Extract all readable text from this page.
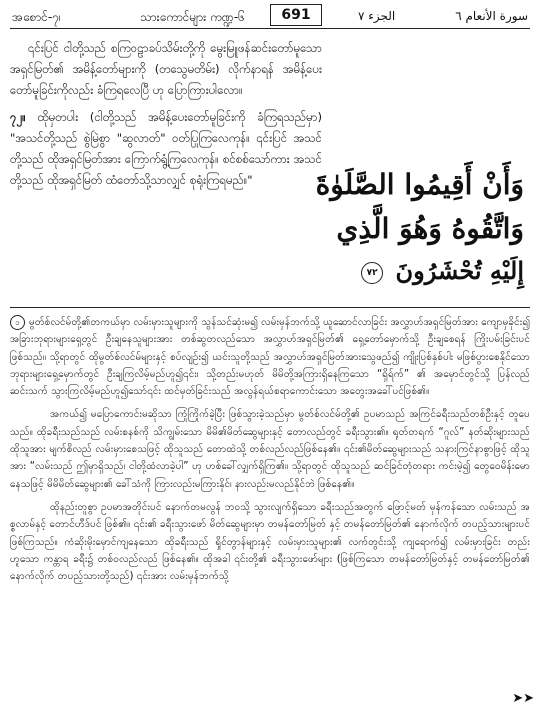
အစောင်-၇၊	သားကောင်များ ကဏ္ဍ-၆	691	الجزء ٧	سورة الأنعام ٦

၎င်းပြင် ငါတို့သည် စကြဝဠာခပ်သိမ်းတို့ကို မွေးမြူဖန်ဆင်းတော်မူသော အရှင်မြတ်၏ အမိန့်တော်များကို (တသွေမတိမ်း) လိုက်နာရန် အမိန့်ပေးတော်မူခြင်းကိုလည်း ခံကြရလေပြီ ဟု ပြောကြားပါလော။

၇၂။ ထိုမှတပါး (ငါတို့သည် အမိန့်ပေးတော်မူခြင်းကို ခံကြရသည်မှာ) "အသင်တို့သည် စွဲမြဲစွာ "ဆွလာတ်" ဝတ်ပြုကြလေကုန်။ ၎င်းပြင် အသင်တို့သည် ထိုအရှင်မြတ်အား ကြောက်ရွံ့ကြလေကုန်။ စင်စစ်သော်ကား အသင်တို့သည် ထိုအရှင်မြတ် ထံတော်သို့သာလျှင် စုရုံးကြရမည်။"	وَأَنْ أَقِيمُوا الصَّلَوٰةَ
وَاتَّقُوهُ وَهُوَ الَّذِي
إِلَيْهِ تُحْشَرُونَ ٧٢

၁ မွတ်စ်လင်မ်တို့၏တကယ်မှာ လမ်းမှားသူများကို သွန်သင်ဆုံးမ၍ လမ်းမှန်ဘက်သို့ ယူဆောင်လာခြင်း အလွှာဟ်အရှင်မြတ်အား ကျောမှခိုင်း၍ အခြားဘုရားများရှေ့တွင် ဦးချနေသူများအား တစ်ဆွတလည်သော အလွှာဟ်အရှင်မြတ်၏ ရှေ့တော်မှောက်သို့ ဦးချစေရန် ကြိုးပမ်းခြင်းပင်ဖြစ်သည်။ သို့ရာတွင် ထိုမွတ်စ်လင်မ်များနှင့် စပ်လျဉ်း၍ ယင်းသူတို့သည် အလွှာဟ်အရှင်မြတ်အားသွေဖည်၍ ကျိုးပြစ်နှစ်ပါး မဖြစ်ပွားစေနိုင်သော ဘုရားများရှေ့မှောက်တွင် ဦးချကြလိမ့်မည်ဟူ၍၎င်း၊ သို့တည်းမဟုတ် မိမိတို့အကြားရှိနေကြသော “ရှိရ်က်” ၏ အမှောင်တွင်သို့ ပြန်လည်ဆင်းသက် သွားကြလိမ့်မည်ဟူ၍သော်၎င်း ထင်မှတ်ခြင်းသည် အလွန်ရယ်စရာကောင်းသော အတွေးအခေါ်ပင်ဖြစ်၏။

အကယ်၍ မပြောကောင်းမဆိုသာ ကြုံကြိုက်ခဲ့ပြီး ဖြစ်သွားခဲ့သည်မှာ မွတ်စ်လင်မ်တို့၏ ဥပမာသည် အကြင်ခရီးသည်တစ်ဦးနှင့် တူပေသည်။ ထိုခရီးသည်သည် လမ်းစနစ်ကို သိကျွမ်းသော မိမိ၏မိတ်ဆွေများနှင့် တောလည်တွင် ခရီးသွား၏။ ရုတ်တရက် “ဂူလ်” နတ်ဆိုးများသည် ထိုသူအား မျက်စိလည် လမ်းမှားစေသဖြင့် ထိုသူသည် တောထဲသို့ တစ်လည်လည်ဖြစ်နေ၏။ ၎င်း၏မိတ်ဆွေများသည် သနားကြင်နာစွာဖြင့် ထိုသူအား “လမ်းသည် ဤမှာရှိသည်၊ ငါတို့ထံလာခဲ့ပါ” ဟု ဟစ်ခေါ်လျှက်ရှိကြ၏။ သို့ရာတွင် ထိုသူသည် ဆင်ခြင်တုံတရား ကင်းမဲ့၍ တွေဝေမိန်းမောနေသဖြင့် မိမိမိတ်ဆွေများ၏ ခေါ်သံကို ကြားလည်းမကြားနိုင်၊ နားလည်းမလည်နိုင်ဘဲ ဖြစ်နေ၏။

ထိုနည်းတူစွာ ဥပမာအတိုင်းပင် နောက်တမလွန် ဘဝသို့ သွားလျက်ရှိသော ခရီးသည်အတွက် ဖြောင့်မတ် မှန်ကန်သော လမ်းသည် အစ္စလာမ်နှင့် တောင်ဟီဒ်ပင် ဖြစ်၏။ ၎င်း၏ ခရီးသွားဖော် မိတ်ဆွေများမှာ တမန်တော်မြတ် နှင့် တမန်တော်မြတ်၏ နောက်လိုက် တပည့်သားများပင် ဖြစ်ကြသည်။ ကံဆိုးမိုးမှောင်ကျနေသော ထိုခရီးသည် ရှိုင်တွာန်များနှင့် လမ်းမှားသူများ၏ လက်တွင်းသို့ ကျရောက်၍ လမ်းမှားခြင်း တည်းဟူသော ကန္တာရ ခရီး၌ တစ်ဝလည်လည် ဖြစ်နေ၏။ ထိုအခါ ၎င်းတို့၏ ခရီးသွားဖော်များ (ဖြစ်ကြသော တမန်တော်မြတ်နှင့် တမန်တော်မြတ်၏ နောက်လိုက် တပည့်သားတို့သည်) ၎င်းအား လမ်းမှန်ဘက်သို့

➤➤
